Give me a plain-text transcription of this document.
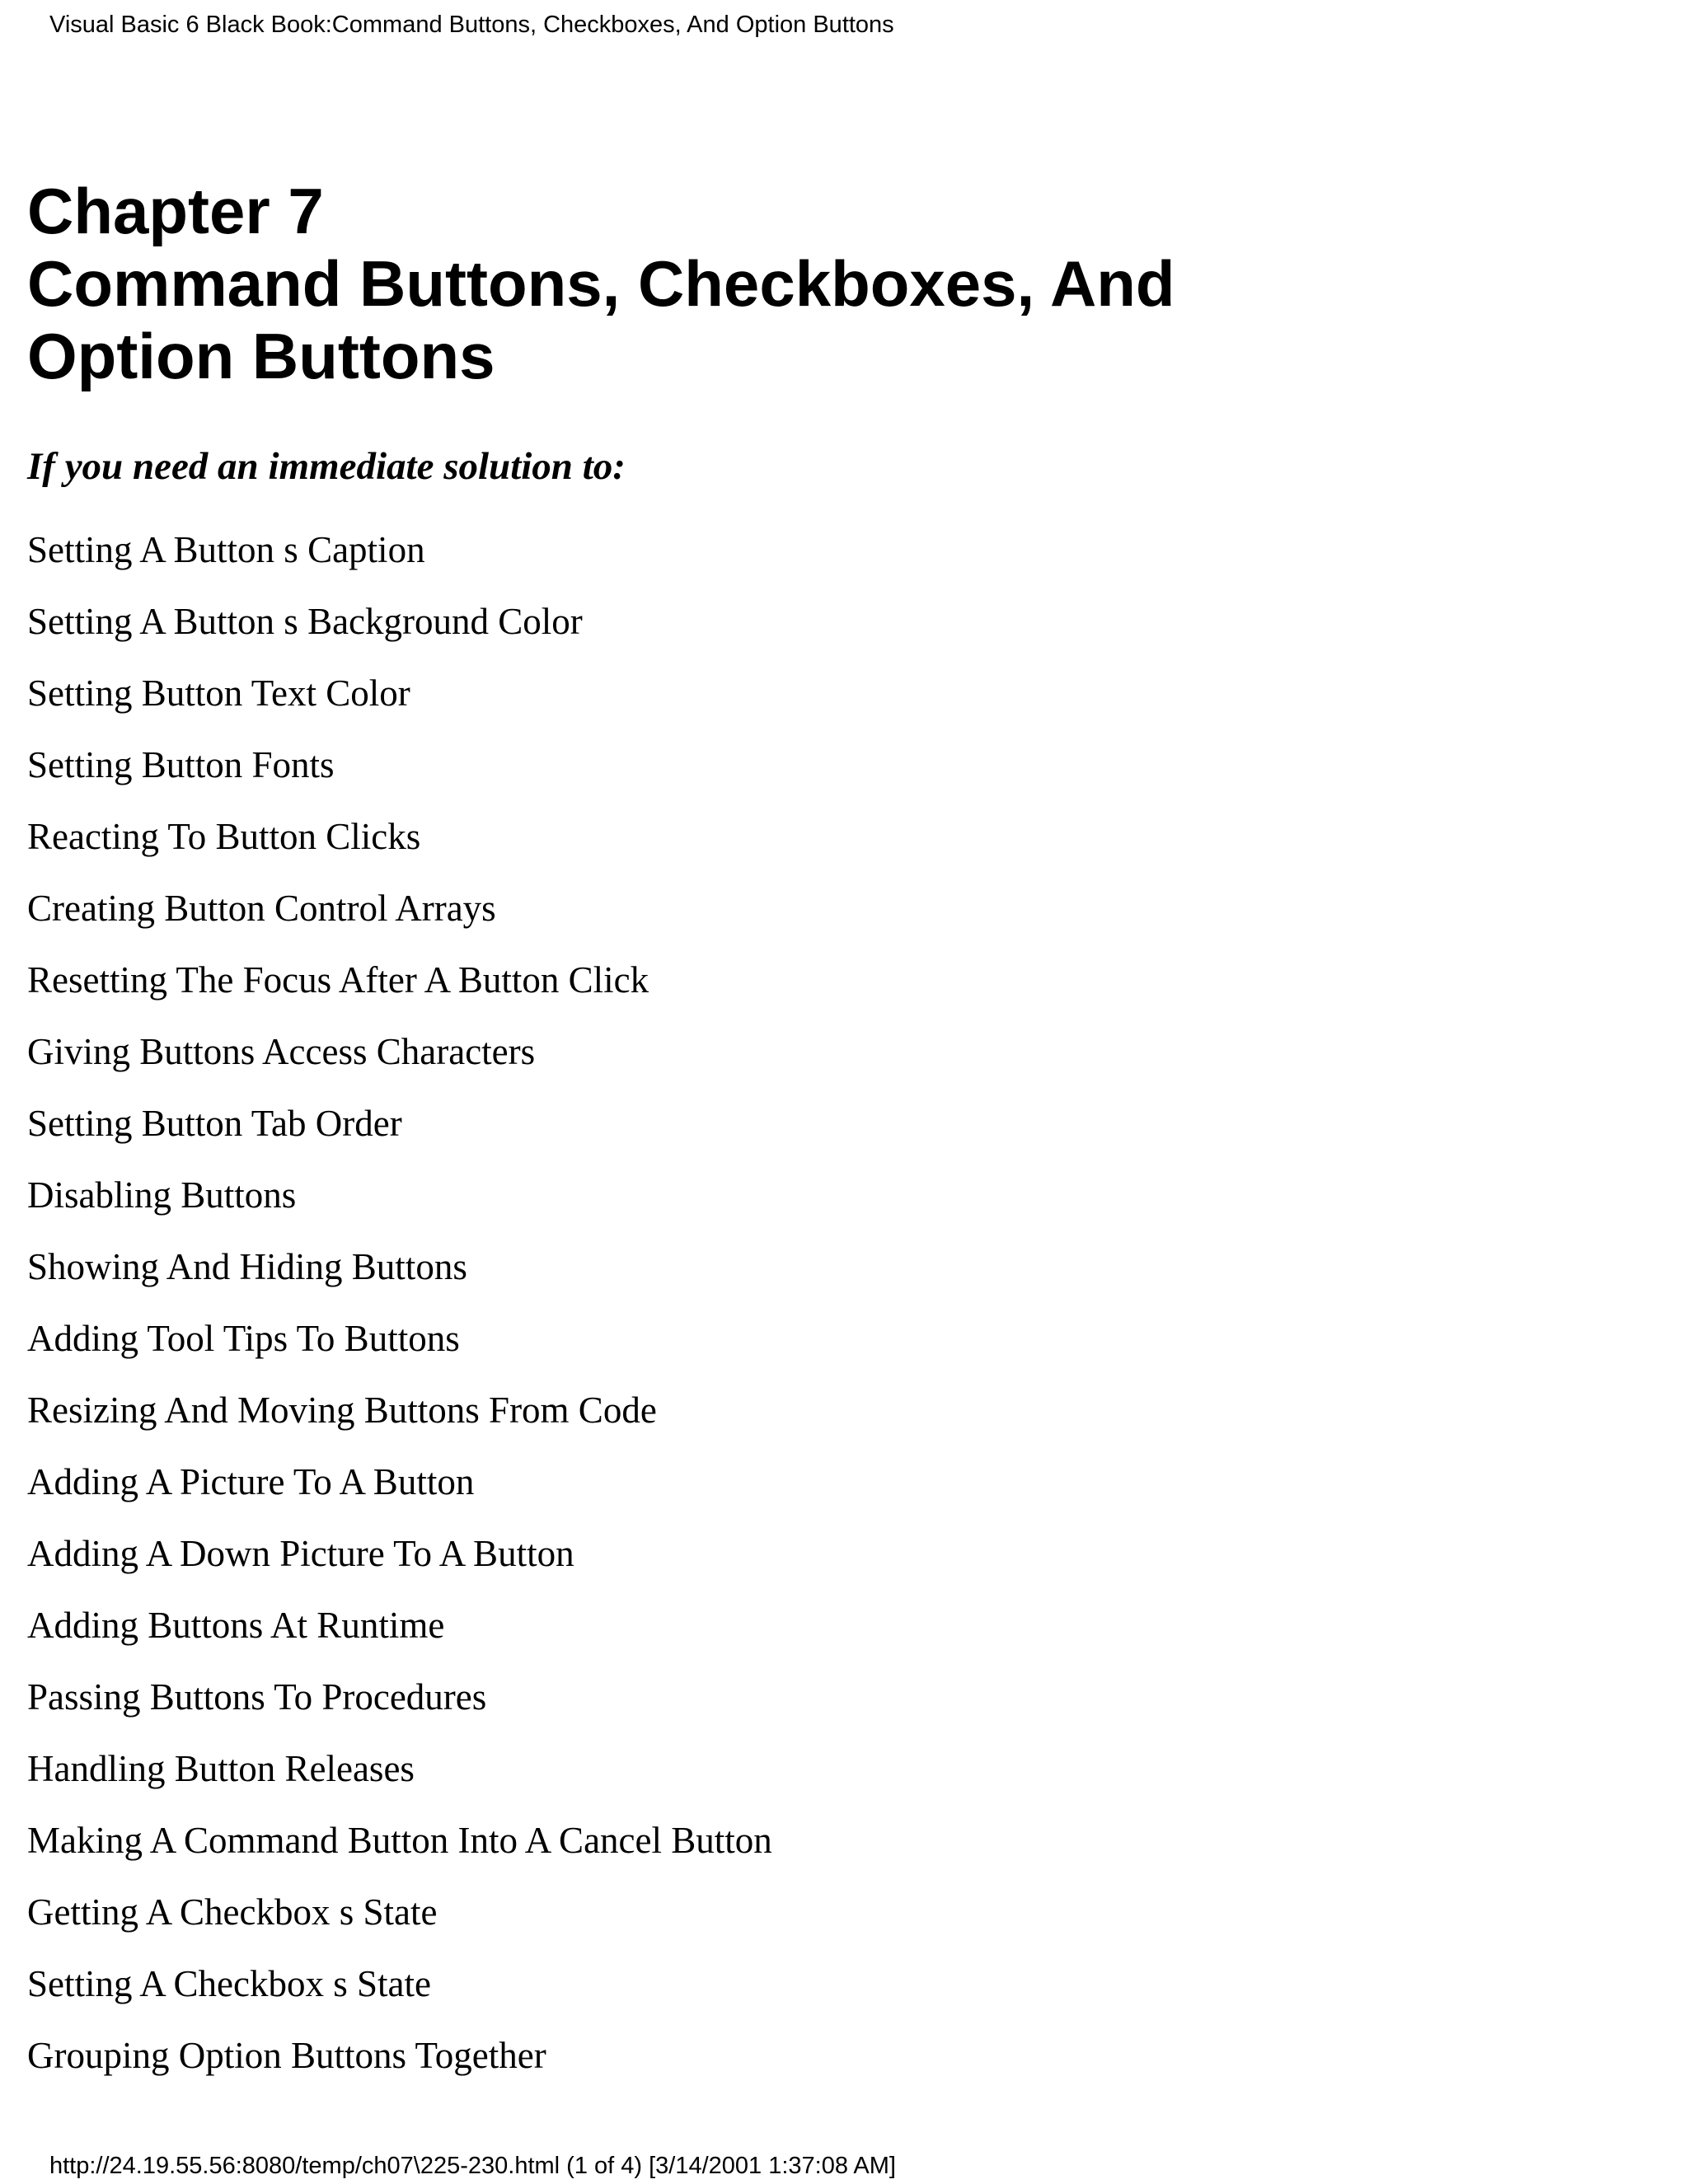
Visual Basic 6 Black Book:Command Buttons, Checkboxes, And Option Buttons
Chapter 7
Command Buttons, Checkboxes, And
Option Buttons

If you need an immediate solution to:

Setting A Button s Caption
Setting A Button s Background Color
Setting Button Text Color
Setting Button Fonts
Reacting To Button Clicks
Creating Button Control Arrays
Resetting The Focus After A Button Click
Giving Buttons Access Characters
Setting Button Tab Order
Disabling Buttons
Showing And Hiding Buttons
Adding Tool Tips To Buttons
Resizing And Moving Buttons From Code
Adding A Picture To A Button
Adding A Down Picture To A Button
Adding Buttons At Runtime
Passing Buttons To Procedures
Handling Button Releases
Making A Command Button Into A Cancel Button
Getting A Checkbox s State
Setting A Checkbox s State
Grouping Option Buttons Together
http://24.19.55.56:8080/temp/ch07\225-230.html (1 of 4) [3/14/2001 1:37:08 AM]
